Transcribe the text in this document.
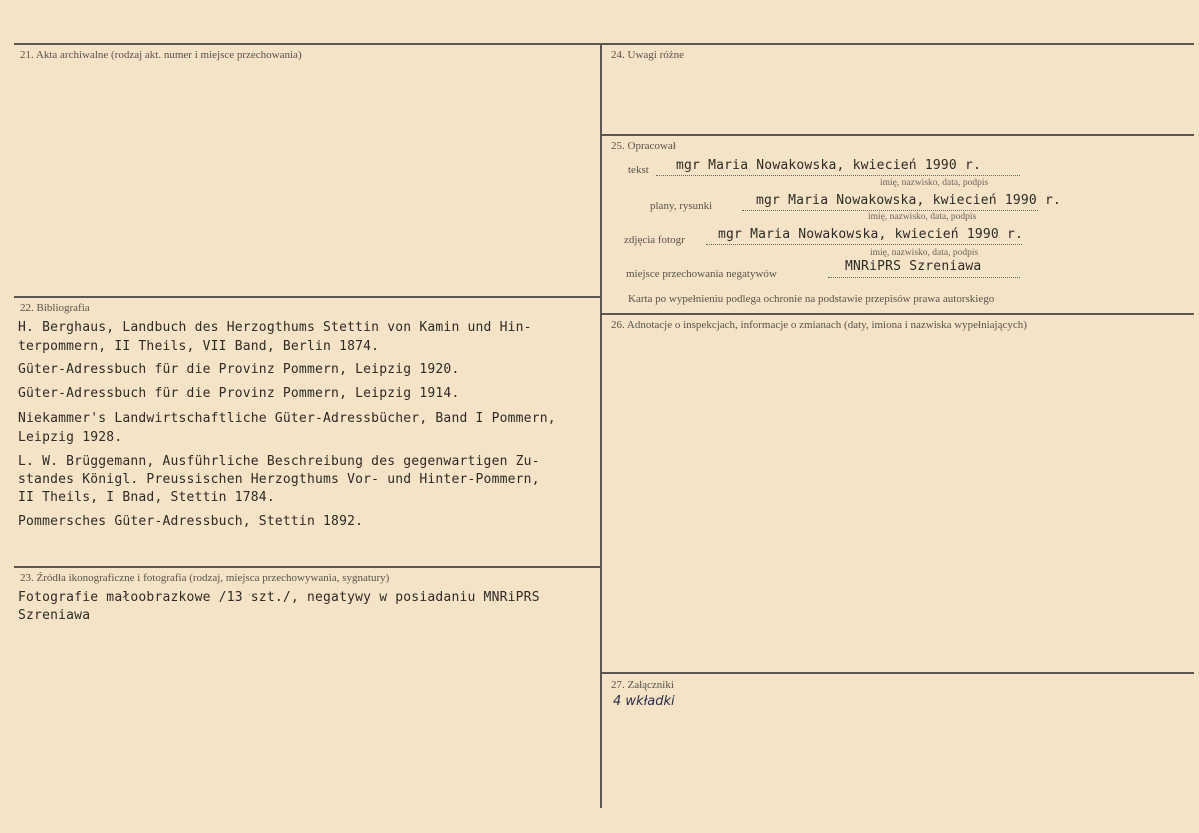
21. Akta archiwalne (rodzaj akt. numer i miejsce przechowania)	24. Uwagi różne
25. Opracował
tekst mgr Maria Nowakowska, kwiecień 1990 r.
imię, nazwisko, data, podpis
plany, rysunki	mgr Maria Nowakowska, kwiecień 1990 r.
imię, nazwisko, data, podpis
zdjęcia fotogr	mgr Maria Nowakowska, kwiecień 1990 r.
imię, nazwisko, data, podpis
miejsce przechowania negatywów	MNRiPRS Szreniawa
Karta po wypełnieniu podlega ochronie na podstawie przepisów prawa autorskiego
22. Bibliografia
H. Berghaus, Landbuch des Herzogthums Stettin von Kamin und Hin-
terpommern, II Theils, VII Band, Berlin 1874.
Güter-Adressbuch für die Provinz Pommern, Leipzig 1920.
Güter-Adressbuch für die Provinz Pommern, Leipzig 1914.
Niekammer's Landwirtschaftliche Güter-Adressbücher, Band I Pommern,
Leipzig 1928.
L. W. Brüggemann, Ausführliche Beschreibung des gegenwartigen Zu-
standes Königl. Preussischen Herzogthums Vor- und Hinter-Pommern,
II Theils, I Bnad, Stettin 1784.
Pommersches Güter-Adressbuch, Stettin 1892.
23. Źródła ikonograficzne i fotografia (rodzaj, miejsca przechowywania, sygnatury)
Fotografie małoobrazkowe /13 szt./, negatywy w posiadaniu MNRiPRS
Szreniawa
26. Adnotacje o inspekcjach, informacje o zmianach (daty, imiona i nazwiska wypełniających)
27. Załączniki
4 wkładki
